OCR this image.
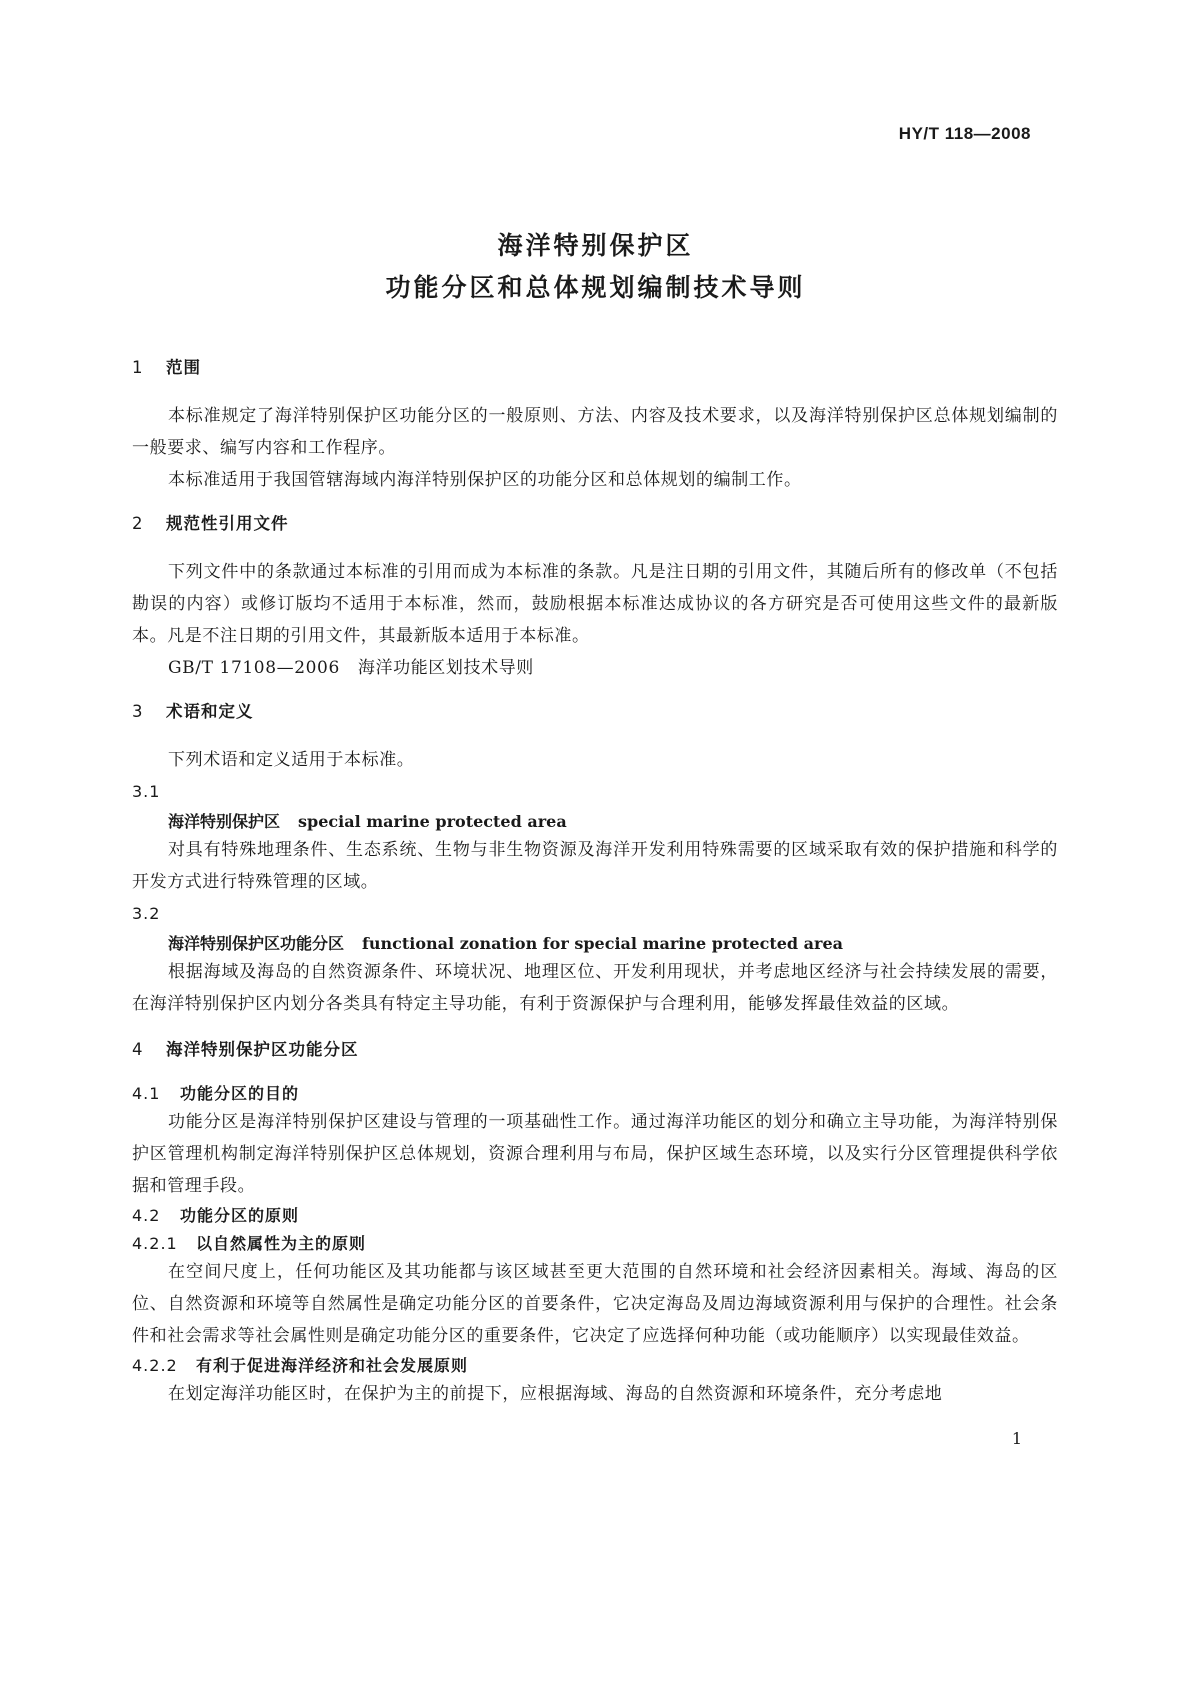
HY/T 118—2008
海洋特别保护区
功能分区和总体规划编制技术导则
1 范围

本标准规定了海洋特别保护区功能分区的一般原则、方法、内容及技术要求，以及海洋特别保护区总体规划编制的一般要求、编写内容和工作程序。

本标准适用于我国管辖海域内海洋特别保护区的功能分区和总体规划的编制工作。

2 规范性引用文件

下列文件中的条款通过本标准的引用而成为本标准的条款。凡是注日期的引用文件，其随后所有的修改单（不包括勘误的内容）或修订版均不适用于本标准，然而，鼓励根据本标准达成协议的各方研究是否可使用这些文件的最新版本。凡是不注日期的引用文件，其最新版本适用于本标准。

GB/T 17108—2006 海洋功能区划技术导则
3 术语和定义

下列术语和定义适用于本标准。

3.1
海洋特别保护区 special marine protected area

对具有特殊地理条件、生态系统、生物与非生物资源及海洋开发利用特殊需要的区域采取有效的保护措施和科学的开发方式进行特殊管理的区域。

3.2
海洋特别保护区功能分区 functional zonation for special marine protected area

根据海域及海岛的自然资源条件、环境状况、地理区位、开发利用现状，并考虑地区经济与社会持续发展的需要，在海洋特别保护区内划分各类具有特定主导功能，有利于资源保护与合理利用，能够发挥最佳效益的区域。

4 海洋特别保护区功能分区
4.1 功能分区的目的

功能分区是海洋特别保护区建设与管理的一项基础性工作。通过海洋功能区的划分和确立主导功能，为海洋特别保护区管理机构制定海洋特别保护区总体规划，资源合理利用与布局，保护区域生态环境，以及实行分区管理提供科学依据和管理手段。

4.2 功能分区的原则
4.2.1 以自然属性为主的原则

在空间尺度上，任何功能区及其功能都与该区域甚至更大范围的自然环境和社会经济因素相关。海域、海岛的区位、自然资源和环境等自然属性是确定功能分区的首要条件，它决定海岛及周边海域资源利用与保护的合理性。社会条件和社会需求等社会属性则是确定功能分区的重要条件，它决定了应选择何种功能（或功能顺序）以实现最佳效益。

4.2.2 有利于促进海洋经济和社会发展原则

在划定海洋功能区时，在保护为主的前提下，应根据海域、海岛的自然资源和环境条件，充分考虑地

1
